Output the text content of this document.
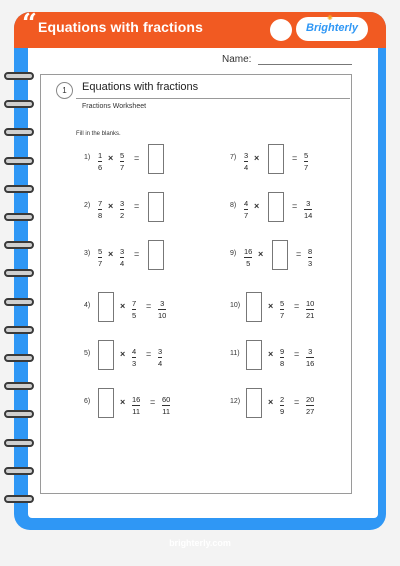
“ Equations with fractions
✺
Brighterly
Name:
1	Equations with fractions
Fractions Worksheet
Fill in the blanks.
1) 1
6
× 5
7
=
2) 7
8
× 3
2
=
3) 5
7
× 3
4
=
4)	× 7
5
= 3
10
5)	× 4
3
= 3
4
6)	× 16
11
= 60
11
7) 3
4
×	= 5
7
8) 4
7
×	= 3
14
9) 16
5
×	= 8
3
10)	× 5
7
= 10
21
11)	× 9
8
= 3
16
12)	× 2
9
= 20
27
brighterly.com
